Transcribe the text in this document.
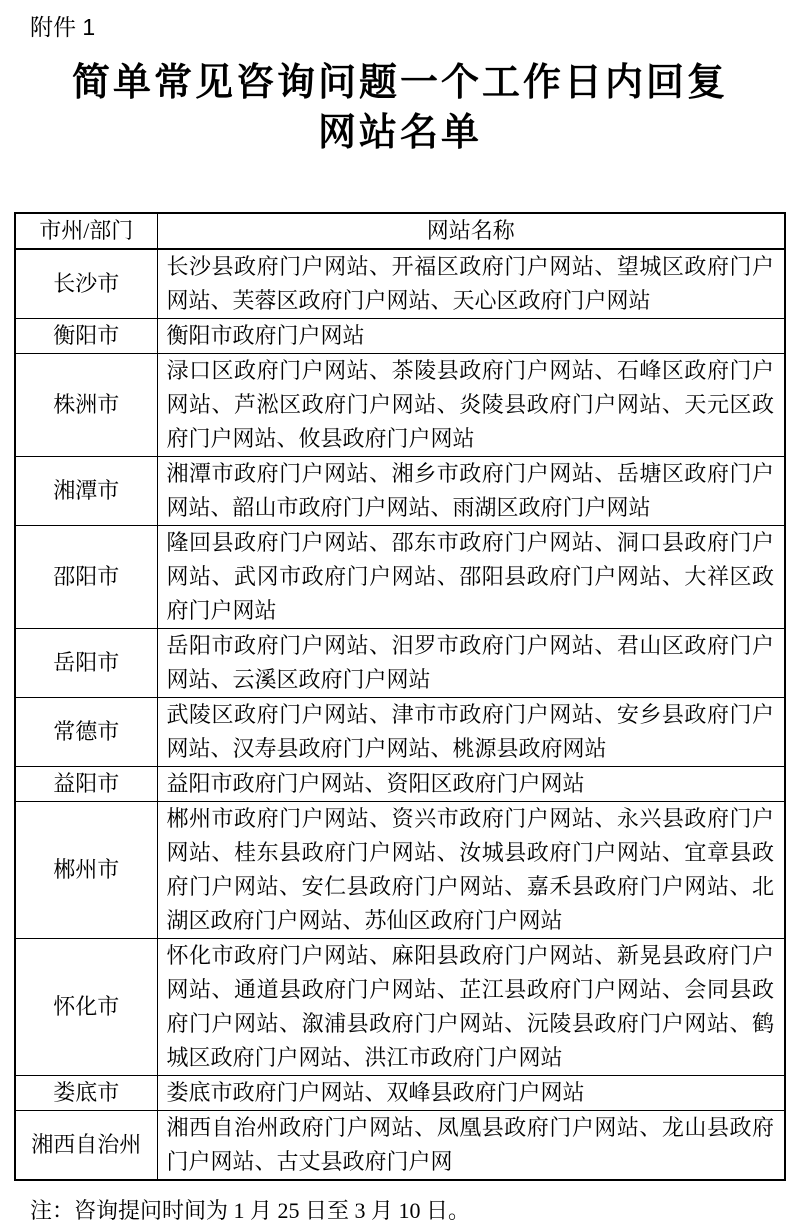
附件 1
简单常见咨询问题一个工作日内回复
网站名单
市州/部门	网站名称
长沙市	长沙县政府门户网站、开福区政府门户网站、望城区政府门户网站、芙蓉区政府门户网站、天心区政府门户网站
衡阳市	衡阳市政府门户网站
株洲市	渌口区政府门户网站、茶陵县政府门户网站、石峰区政府门户网站、芦淞区政府门户网站、炎陵县政府门户网站、天元区政府门户网站、攸县政府门户网站
湘潭市	湘潭市政府门户网站、湘乡市政府门户网站、岳塘区政府门户网站、韶山市政府门户网站、雨湖区政府门户网站
邵阳市	隆回县政府门户网站、邵东市政府门户网站、洞口县政府门户网站、武冈市政府门户网站、邵阳县政府门户网站、大祥区政府门户网站
岳阳市	岳阳市政府门户网站、汨罗市政府门户网站、君山区政府门户网站、云溪区政府门户网站
常德市	武陵区政府门户网站、津市市政府门户网站、安乡县政府门户网站、汉寿县政府门户网站、桃源县政府网站
益阳市	益阳市政府门户网站、资阳区政府门户网站
郴州市	郴州市政府门户网站、资兴市政府门户网站、永兴县政府门户网站、桂东县政府门户网站、汝城县政府门户网站、宜章县政府门户网站、安仁县政府门户网站、嘉禾县政府门户网站、北湖区政府门户网站、苏仙区政府门户网站
怀化市	怀化市政府门户网站、麻阳县政府门户网站、新晃县政府门户网站、通道县政府门户网站、芷江县政府门户网站、会同县政府门户网站、溆浦县政府门户网站、沅陵县政府门户网站、鹤城区政府门户网站、洪江市政府门户网站
娄底市	娄底市政府门户网站、双峰县政府门户网站
湘西自治州	湘西自治州政府门户网站、凤凰县政府门户网站、龙山县政府门户网站、古丈县政府门户网
注：咨询提问时间为 1 月 25 日至 3 月 10 日。
